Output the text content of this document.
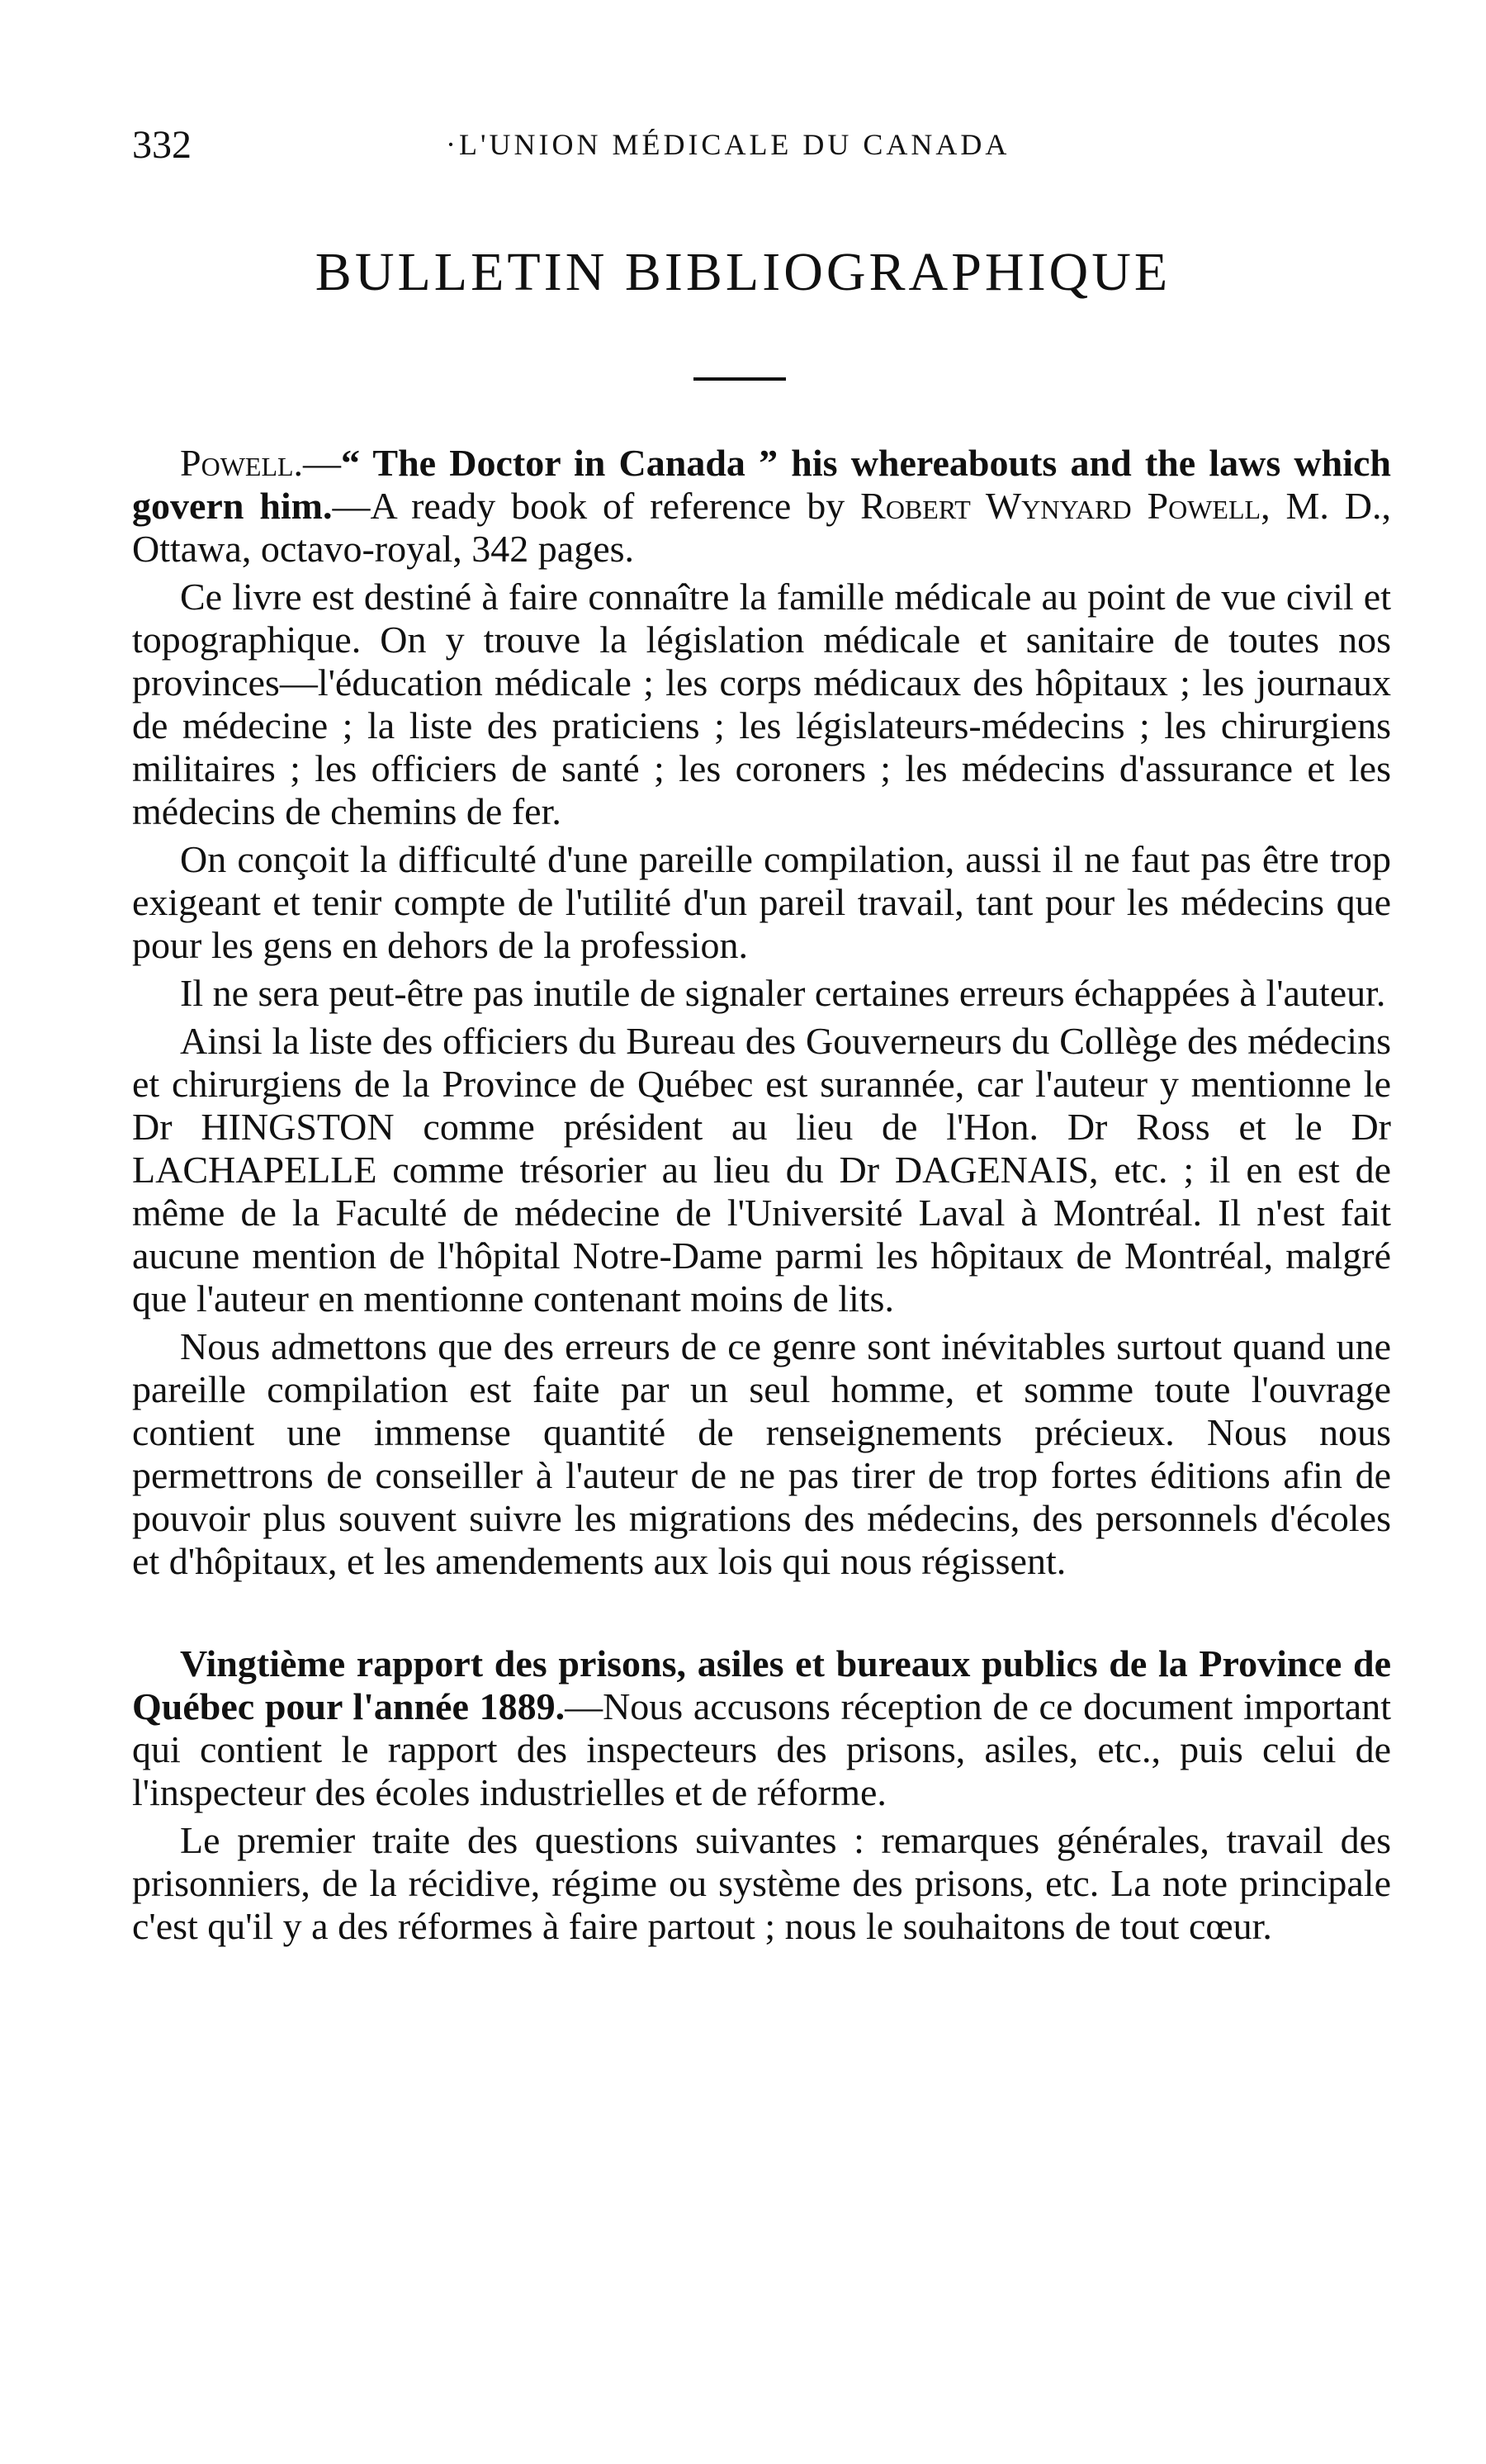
332	·L'UNION MÉDICALE DU CANADA
BULLETIN BIBLIOGRAPHIQUE

Powell.—“ The Doctor in Canada ” his whereabouts and the laws which govern him.—A ready book of reference by Robert Wynyard Powell, M. D., Ottawa, octavo-royal, 342 pages.

Ce livre est destiné à faire connaître la famille médicale au point de vue civil et topographique. On y trouve la législation médicale et sanitaire de toutes nos provinces—l'éducation médicale ; les corps médicaux des hôpitaux ; les journaux de médecine ; la liste des praticiens ; les législateurs-médecins ; les chirurgiens militaires ; les officiers de santé ; les coroners ; les médecins d'assurance et les médecins de chemins de fer.

On conçoit la difficulté d'une pareille compilation, aussi il ne faut pas être trop exigeant et tenir compte de l'utilité d'un pareil travail, tant pour les médecins que pour les gens en dehors de la profession.

Il ne sera peut-être pas inutile de signaler certaines erreurs échappées à l'auteur.

Ainsi la liste des officiers du Bureau des Gouverneurs du Collège des médecins et chirurgiens de la Province de Québec est surannée, car l'auteur y mentionne le Dr HINGSTON comme président au lieu de l'Hon. Dr Ross et le Dr LACHAPELLE comme trésorier au lieu du Dr DAGENAIS, etc. ; il en est de même de la Faculté de médecine de l'Université Laval à Montréal. Il n'est fait aucune mention de l'hôpital Notre-Dame parmi les hôpitaux de Montréal, malgré que l'auteur en mentionne contenant moins de lits.

Nous admettons que des erreurs de ce genre sont inévitables surtout quand une pareille compilation est faite par un seul homme, et somme toute l'ouvrage contient une immense quantité de renseignements précieux. Nous nous permettrons de conseiller à l'auteur de ne pas tirer de trop fortes éditions afin de pouvoir plus souvent suivre les migrations des médecins, des personnels d'écoles et d'hôpitaux, et les amendements aux lois qui nous régissent.

Vingtième rapport des prisons, asiles et bureaux publics de la Province de Québec pour l'année 1889.—Nous accusons réception de ce document important qui contient le rapport des inspecteurs des prisons, asiles, etc., puis celui de l'inspecteur des écoles industrielles et de réforme.

Le premier traite des questions suivantes : remarques générales, travail des prisonniers, de la récidive, régime ou système des prisons, etc. La note principale c'est qu'il y a des réformes à faire partout ; nous le souhaitons de tout cœur.
